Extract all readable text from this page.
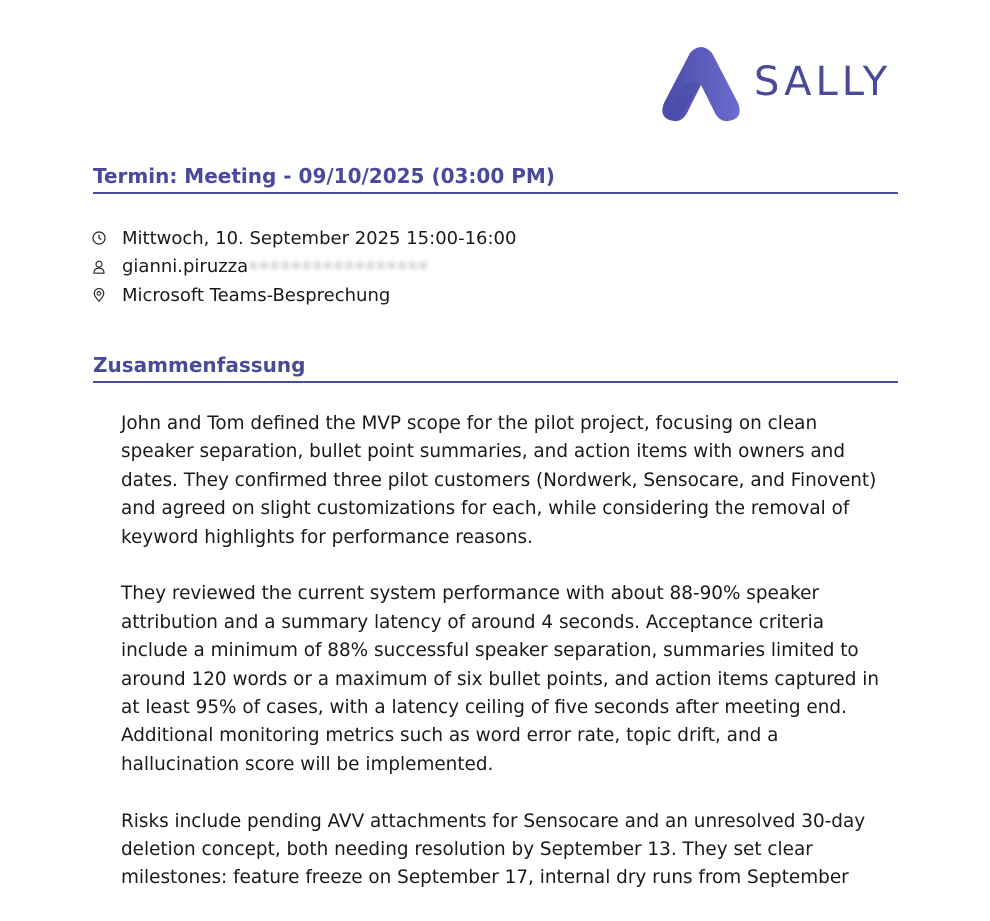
SALLY
Termin: Meeting - 09/10/2025 (03:00 PM)
Mittwoch, 10. September 2025 15:00-16:00
gianni.piruzza •••••••••••••••••
Microsoft Teams-Besprechung
Zusammenfassung

John and Tom defined the MVP scope for the pilot project, focusing on clean speaker separation, bullet point summaries, and action items with owners and dates. They confirmed three pilot customers (Nordwerk, Sensocare, and Finovent) and agreed on slight customizations for each, while considering the removal of keyword highlights for performance reasons.

They reviewed the current system performance with about 88-90% speaker attribution and a summary latency of around 4 seconds. Acceptance criteria include a minimum of 88% successful speaker separation, summaries limited to around 120 words or a maximum of six bullet points, and action items captured in at least 95% of cases, with a latency ceiling of five seconds after meeting end. Additional monitoring metrics such as word error rate, topic drift, and a hallucination score will be implemented.

Risks include pending AVV attachments for Sensocare and an unresolved 30-day deletion concept, both needing resolution by September 13. They set clear milestones: feature freeze on September 17, internal dry runs from September
